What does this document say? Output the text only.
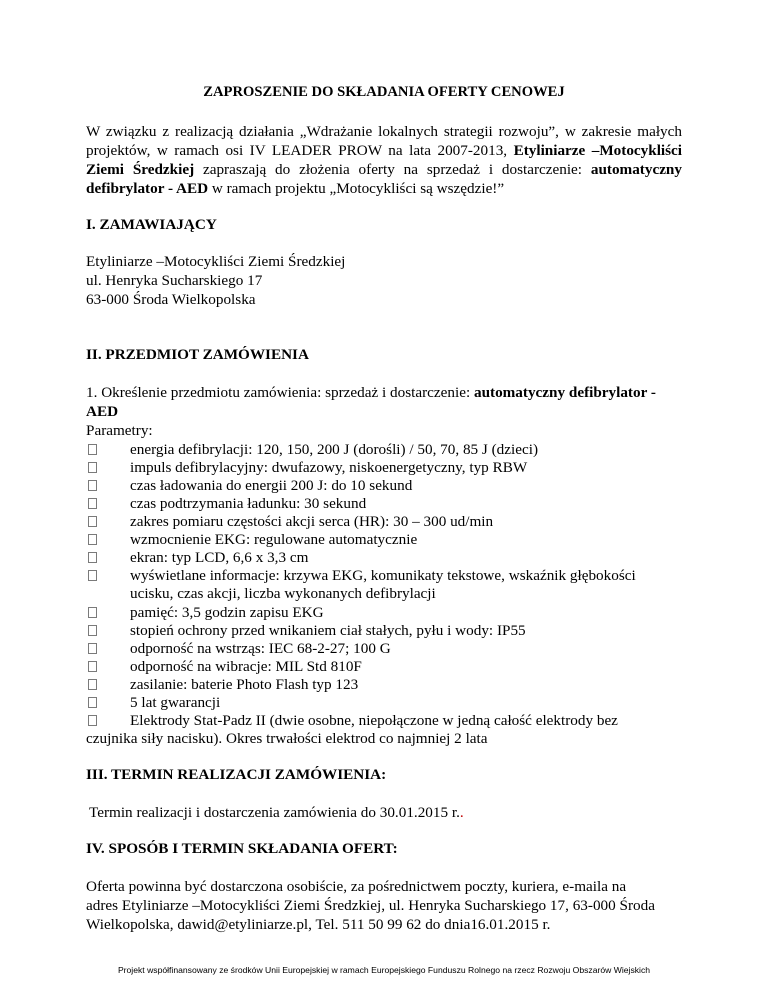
ZAPROSZENIE DO SKŁADANIA OFERTY CENOWEJ
W związku z realizacją działania „Wdrażanie lokalnych strategii rozwoju”, w zakresie małych
projektów, w ramach osi IV LEADER PROW na lata 2007-2013, Etyliniarze –Motocykliści
Ziemi Średzkiej zapraszają do złożenia oferty na sprzedaż i dostarczenie: automatyczny
defibrylator - AED w ramach projektu „Motocykliści są wszędzie!”
I. ZAMAWIAJĄCY
Etyliniarze –Motocykliści Ziemi Średzkiej
ul. Henryka Sucharskiego 17
63-000 Środa Wielkopolska
II. PRZEDMIOT ZAMÓWIENIA
1. Określenie przedmiotu zamówienia: sprzedaż i dostarczenie: automatyczny defibrylator -
AED
Parametry:
energia defibrylacji: 120, 150, 200 J (dorośli) / 50, 70, 85 J (dzieci)
impuls defibrylacyjny: dwufazowy, niskoenergetyczny, typ RBW
czas ładowania do energii 200 J: do 10 sekund
czas podtrzymania ładunku: 30 sekund
zakres pomiaru częstości akcji serca (HR): 30 – 300 ud/min
wzmocnienie EKG: regulowane automatycznie
ekran: typ LCD, 6,6 x 3,3 cm
wyświetlane informacje: krzywa EKG, komunikaty tekstowe, wskaźnik głębokości
ucisku, czas akcji, liczba wykonanych defibrylacji
pamięć: 3,5 godzin zapisu EKG
stopień ochrony przed wnikaniem ciał stałych, pyłu i wody: IP55
odporność na wstrząs: IEC 68-2-27; 100 G
odporność na wibracje: MIL Std 810F
zasilanie: baterie Photo Flash typ 123
5 lat gwarancji
Elektrody Stat-Padz II (dwie osobne, niepołączone w jedną całość elektrody bez
czujnika siły nacisku). Okres trwałości elektrod co najmniej 2 lata
III. TERMIN REALIZACJI ZAMÓWIENIA:
Termin realizacji i dostarczenia zamówienia do 30.01.2015 r..
IV. SPOSÓB I TERMIN SKŁADANIA OFERT:
Oferta powinna być dostarczona osobiście, za pośrednictwem poczty, kuriera, e-maila na
adres Etyliniarze –Motocykliści Ziemi Średzkiej, ul. Henryka Sucharskiego 17, 63-000 Środa
Wielkopolska, dawid@etyliniarze.pl, Tel. 511 50 99 62 do dnia16.01.2015 r.
Projekt współfinansowany ze środków Unii Europejskiej w ramach Europejskiego Funduszu Rolnego na rzecz Rozwoju Obszarów Wiejskich
